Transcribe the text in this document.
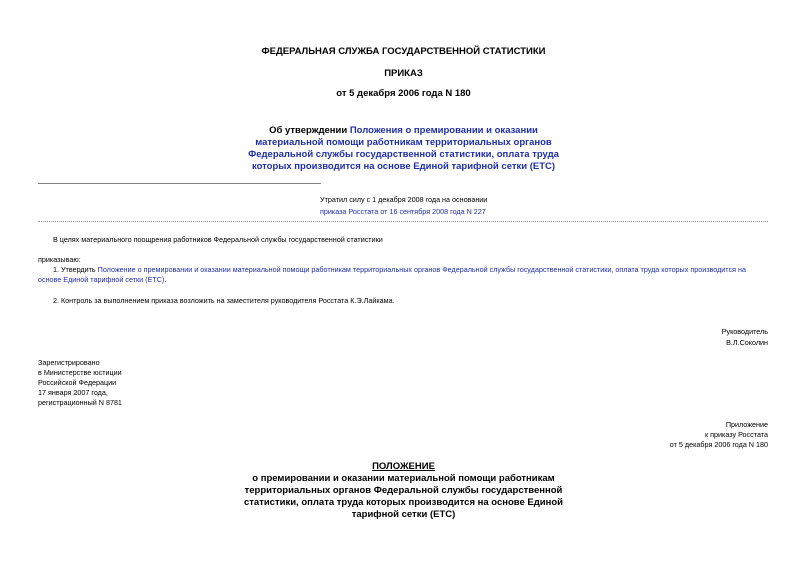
ФЕДЕРАЛЬНАЯ СЛУЖБА ГОСУДАРСТВЕННОЙ СТАТИСТИКИ
ПРИКАЗ
от 5 декабря 2006 года N 180
Об утверждении Положения о премировании и оказании материальной помощи работникам территориальных органов Федеральной службы государственной статистики, оплата труда которых производится на основе Единой тарифной сетки (ЕТС)
Утратил силу с 1 декабря 2008 года на основании
приказа Росстата от 16 сентября 2008 года N 227
В целях материального поощрения работников Федеральной службы государственной статистики
приказываю:
1. Утвердить Положение о премировании и оказании материальной помощи работникам территориальных органов Федеральной службы государственной статистики, оплата труда которых производится на основе Единой тарифной сетки (ЕТС).
2. Контроль за выполнением приказа возложить на заместителя руководителя Росстата К.Э.Лайкама.
Руководитель
В.Л.Соколин
Зарегистрировано
в Министерстве юстиции
Российской Федерации
17 января 2007 года,
регистрационный N 8781
Приложение
к приказу Росстата
от 5 декабря 2006 года N 180
ПОЛОЖЕНИЕ
о премировании и оказании материальной помощи работникам
территориальных органов Федеральной службы государственной
статистики, оплата труда которых производится на основе Единой
тарифной сетки (ЕТС)
